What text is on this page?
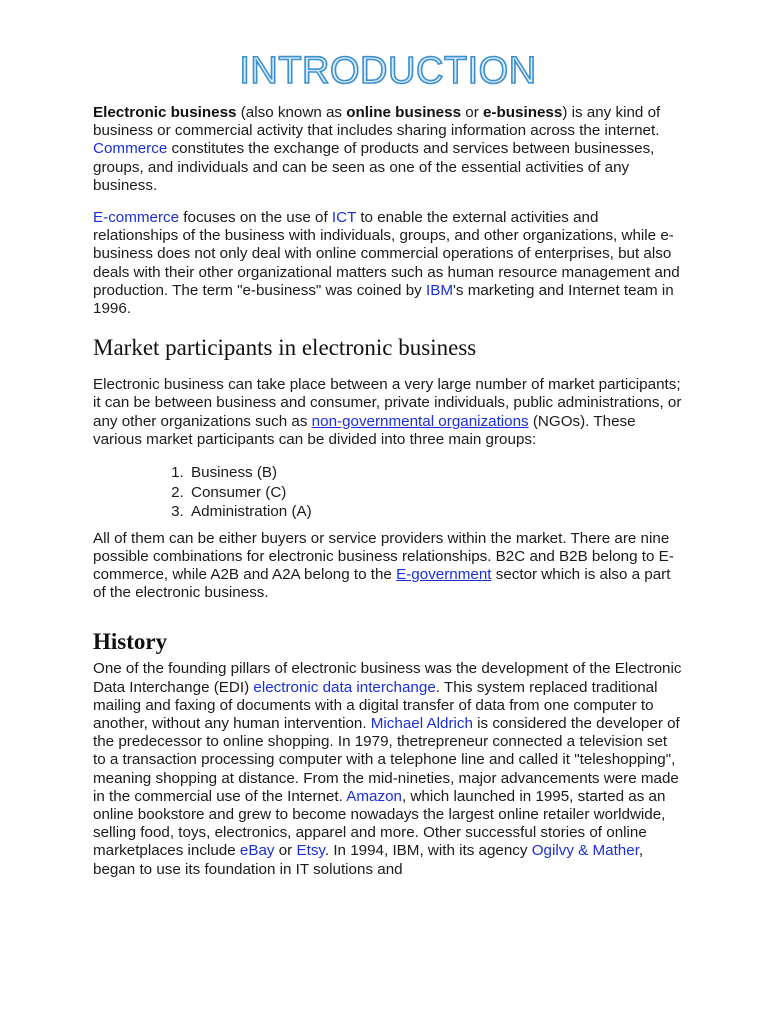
INTRODUCTION

Electronic business (also known as online business or e-business) is any kind of business or commercial activity that includes sharing information across the internet. Commerce constitutes the exchange of products and services between businesses, groups, and individuals and can be seen as one of the essential activities of any business.

E-commerce focuses on the use of ICT to enable the external activities and relationships of the business with individuals, groups, and other organizations, while e-business does not only deal with online commercial operations of enterprises, but also deals with their other organizational matters such as human resource management and production. The term "e-business" was coined by IBM's marketing and Internet team in 1996.

Market participants in electronic business

Electronic business can take place between a very large number of market participants; it can be between business and consumer, private individuals, public administrations, or any other organizations such as non-governmental organizations (NGOs). These various market participants can be divided into three main groups:

1. Business (B)
2. Consumer (C)
3. Administration (A)

All of them can be either buyers or service providers within the market. There are nine possible combinations for electronic business relationships. B2C and B2B belong to E-commerce, while A2B and A2A belong to the E-government sector which is also a part of the electronic business.

History

One of the founding pillars of electronic business was the development of the Electronic Data Interchange (EDI) electronic data interchange. This system replaced traditional mailing and faxing of documents with a digital transfer of data from one computer to another, without any human intervention. Michael Aldrich is considered the developer of the predecessor to online shopping. In 1979, thetrepreneur connected a television set to a transaction processing computer with a telephone line and called it "teleshopping", meaning shopping at distance. From the mid-nineties, major advancements were made in the commercial use of the Internet. Amazon, which launched in 1995, started as an online bookstore and grew to become nowadays the largest online retailer worldwide, selling food, toys, electronics, apparel and more. Other successful stories of online marketplaces include eBay or Etsy. In 1994, IBM, with its agency Ogilvy & Mather, began to use its foundation in IT solutions and
